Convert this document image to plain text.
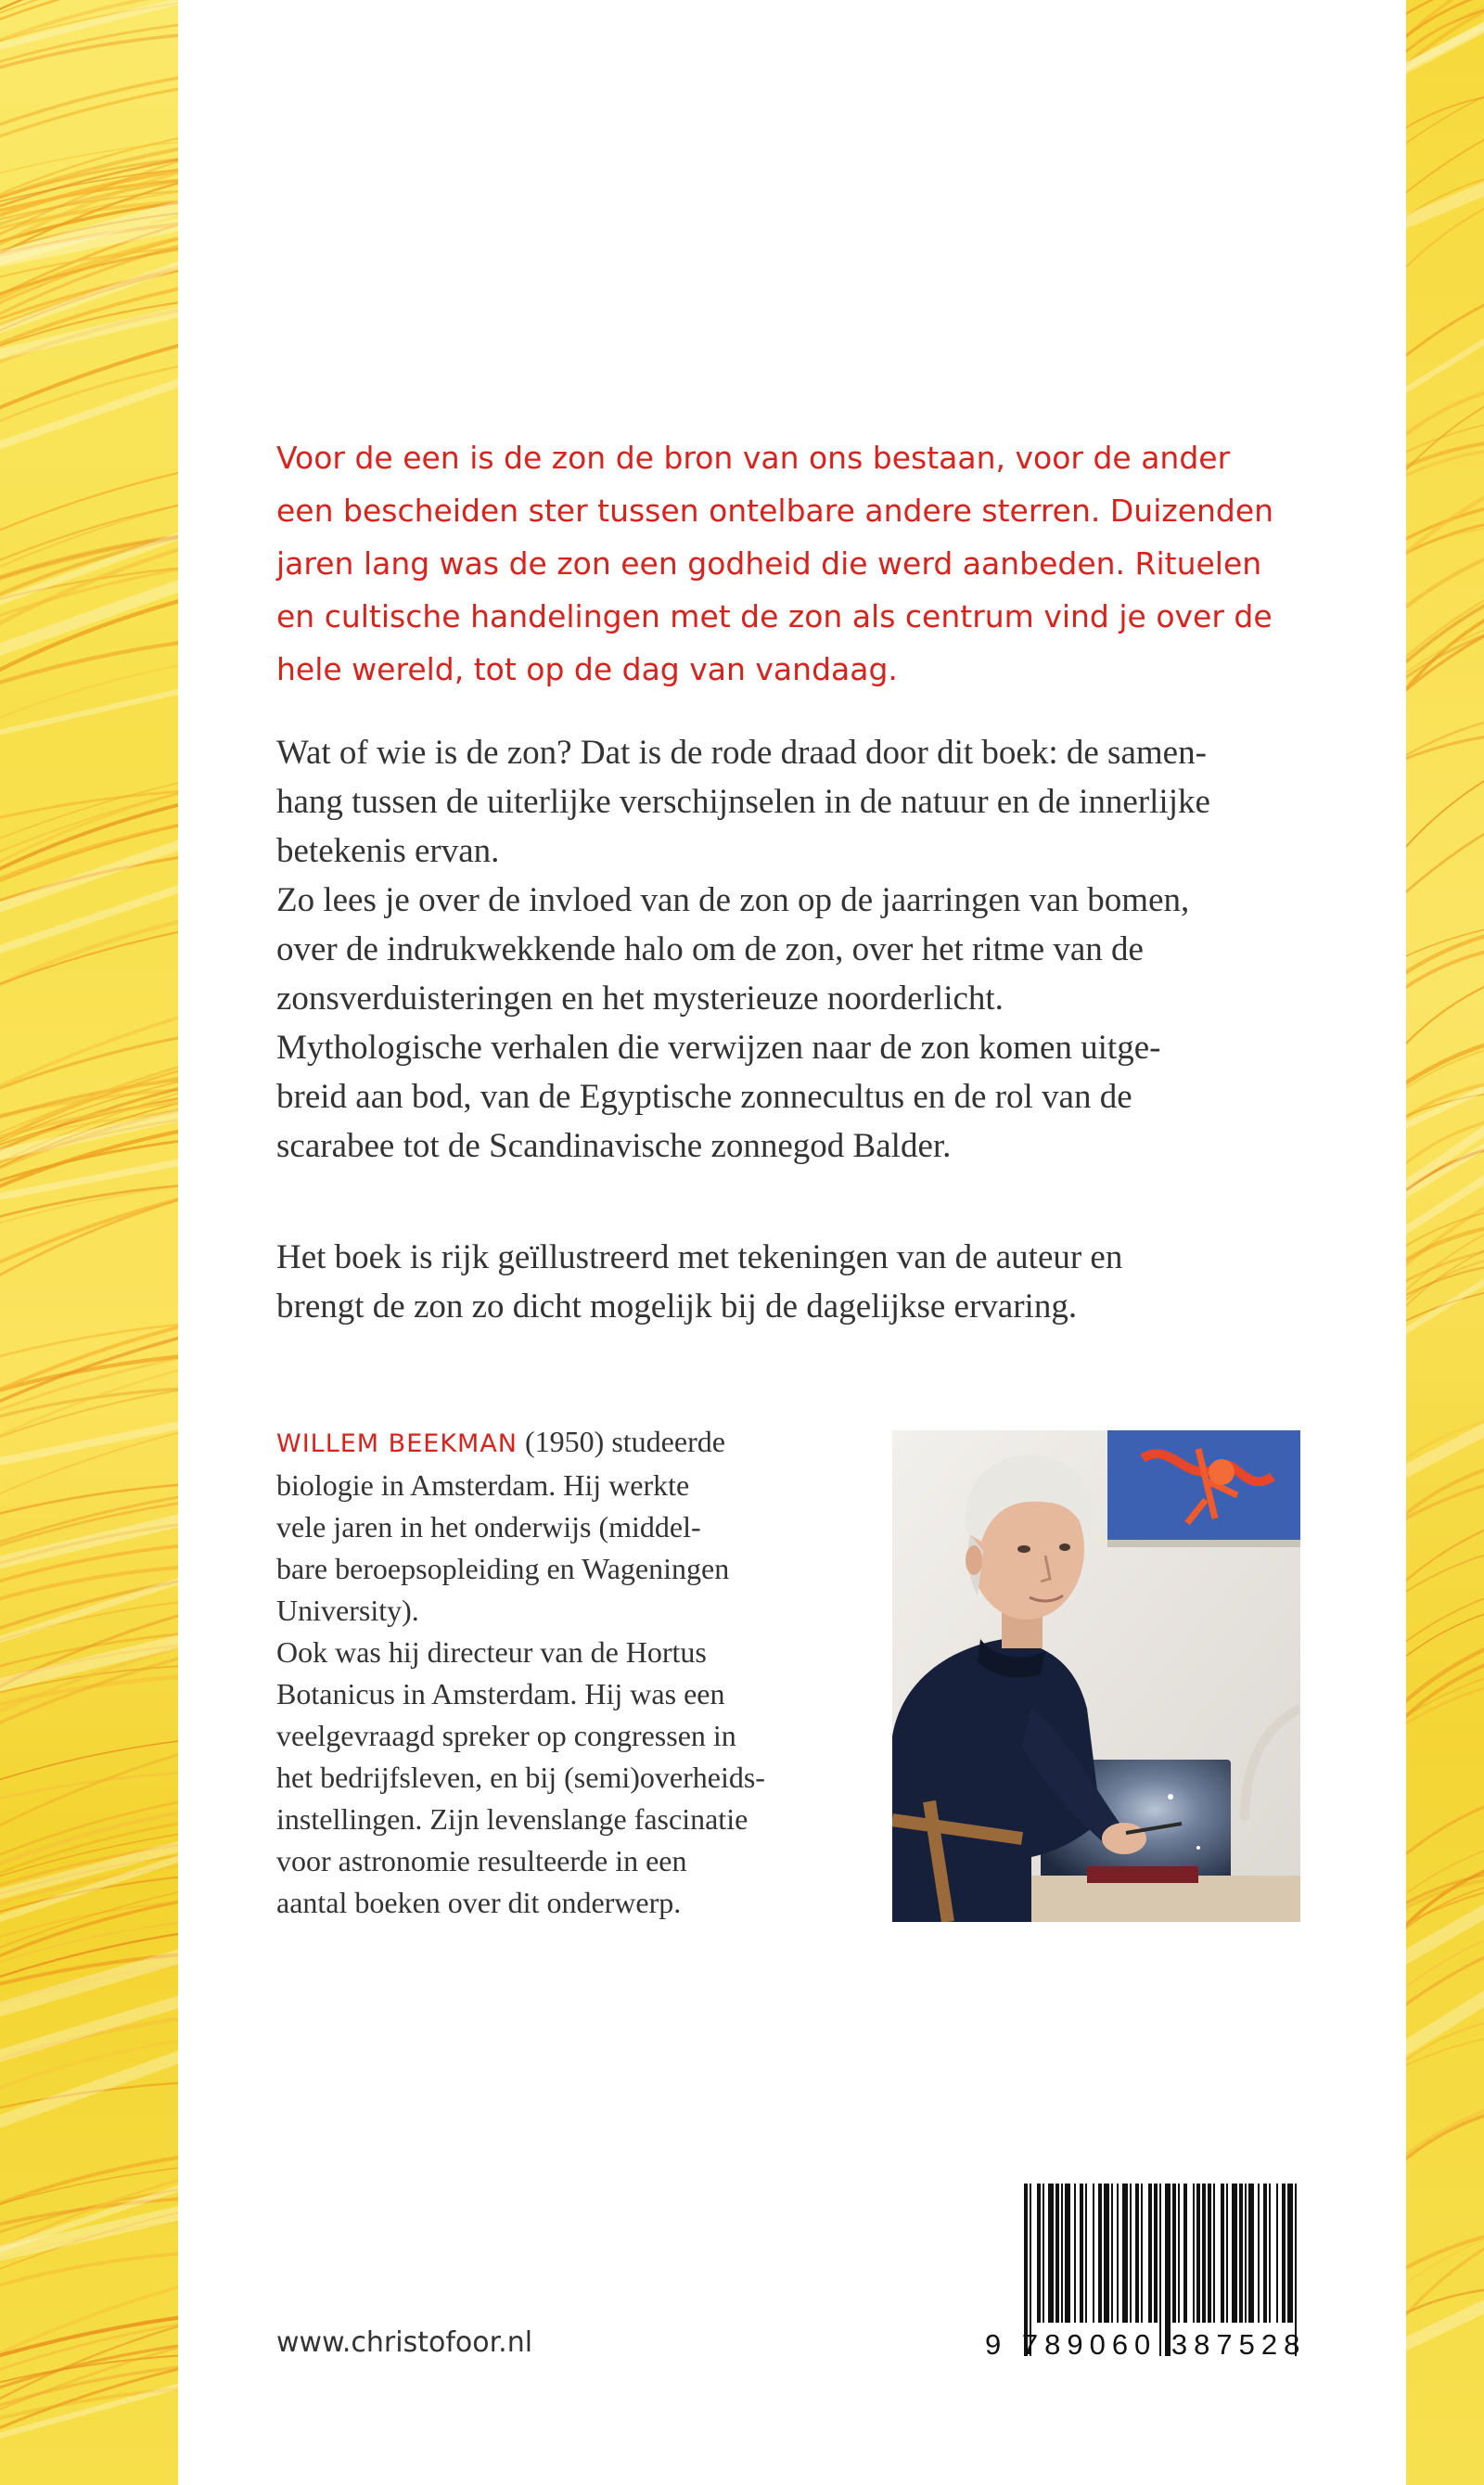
Voor de een is de zon de bron van ons bestaan, voor de ander
een bescheiden ster tussen ontelbare andere sterren. Duizenden
jaren lang was de zon een godheid die werd aanbeden. Rituelen
en cultische handelingen met de zon als centrum vind je over de
hele wereld, tot op de dag van vandaag.

Wat of wie is de zon? Dat is de rode draad door dit boek: de samen-
hang tussen de uiterlijke verschijnselen in de natuur en de innerlijke
betekenis ervan.
Zo lees je over de invloed van de zon op de jaarringen van bomen,
over de indrukwekkende halo om de zon, over het ritme van de
zonsverduisteringen en het mysterieuze noorderlicht.
Mythologische verhalen die verwijzen naar de zon komen uitge-
breid aan bod, van de Egyptische zonnecultus en de rol van de
scarabee tot de Scandinavische zonnegod Balder.

Het boek is rijk geïllustreerd met tekeningen van de auteur en
brengt de zon zo dicht mogelijk bij de dagelijkse ervaring.

WILLEM BEEKMAN (1950) studeerde
biologie in Amsterdam. Hij werkte
vele jaren in het onderwijs (middel-
bare beroepsopleiding en Wageningen
University).
Ook was hij directeur van de Hortus
Botanicus in Amsterdam. Hij was een
veelgevraagd spreker op congressen in
het bedrijfsleven, en bij (semi)overheids-
instellingen. Zijn levenslange fascinatie
voor astronomie resulteerde in een
aantal boeken over dit onderwerp.

9 789060 387528

www.christofoor.nl
